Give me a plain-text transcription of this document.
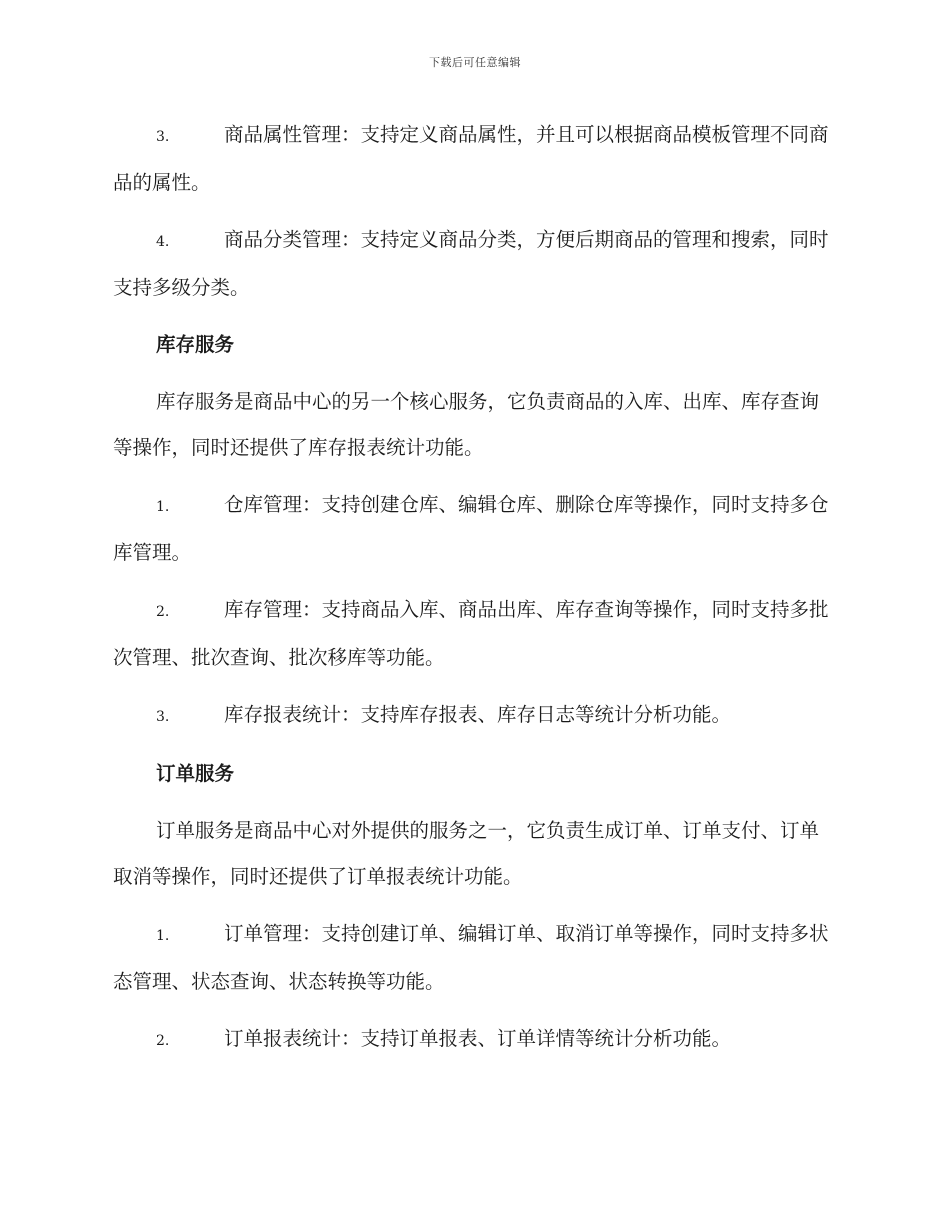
下载后可任意编辑

3.	商品属性管理：支持定义商品属性，并且可以根据商品模板管理不同商品的属性。

4.	商品分类管理：支持定义商品分类，方便后期商品的管理和搜索，同时支持多级分类。

库存服务

库存服务是商品中心的另一个核心服务，它负责商品的入库、出库、库存查询等操作，同时还提供了库存报表统计功能。

1.	仓库管理：支持创建仓库、编辑仓库、删除仓库等操作，同时支持多仓库管理。

2.	库存管理：支持商品入库、商品出库、库存查询等操作，同时支持多批次管理、批次查询、批次移库等功能。

3.	库存报表统计：支持库存报表、库存日志等统计分析功能。

订单服务

订单服务是商品中心对外提供的服务之一，它负责生成订单、订单支付、订单取消等操作，同时还提供了订单报表统计功能。

1.	订单管理：支持创建订单、编辑订单、取消订单等操作，同时支持多状态管理、状态查询、状态转换等功能。

2.	订单报表统计：支持订单报表、订单详情等统计分析功能。
